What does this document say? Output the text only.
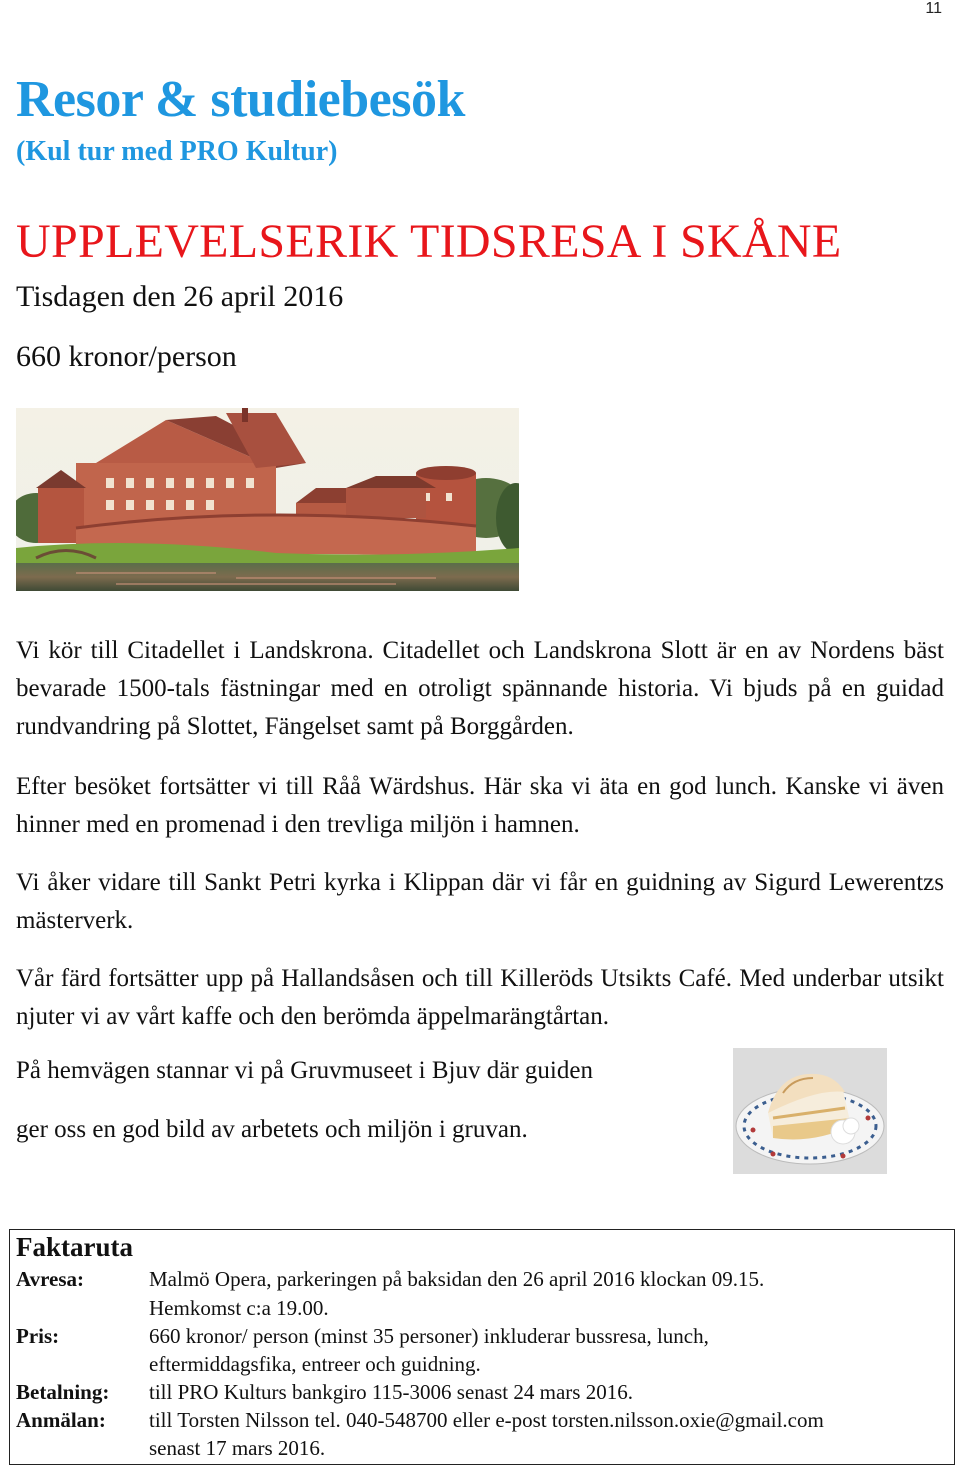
11
Resor & studiebesök
(Kul tur med PRO Kultur)
UPPLEVELSERIK TIDSRESA I SKÅNE
Tisdagen den 26 april 2016
660 kronor/person
Vi kör till Citadellet i Landskrona. Citadellet och Landskrona Slott är en av Nordens bäst bevarade 1500-tals fästningar med en otroligt spännande historia. Vi bjuds på en guidad rundvandring på Slottet, Fängelset samt på Borggården.
Efter besöket fortsätter vi till Råå Wärdshus. Här ska vi äta en god lunch. Kanske vi även hinner med en promenad i den trevliga miljön i hamnen.
Vi åker vidare till Sankt Petri kyrka i Klippan där vi får en guidning av Sigurd Lewerentzs mästerverk.
Vår färd fortsätter upp på Hallandsåsen och till Killeröds Utsikts Café. Med underbar utsikt njuter vi av vårt kaffe och den berömda äppelmarängtårtan.
På hemvägen stannar vi på Gruvmuseet i Bjuv där guiden
ger oss en god bild av arbetets och miljön i gruvan.
Faktaruta
Avresa:	Malmö Opera, parkeringen på baksidan den 26 april 2016 klockan 09.15.
Hemkomst c:a 19.00.
Pris:	660 kronor/ person (minst 35 personer) inkluderar bussresa, lunch,
eftermiddagsfika, entreer och guidning.
Betalning: till PRO Kulturs bankgiro 115-3006 senast 24 mars 2016.
Anmälan: till Torsten Nilsson tel. 040-548700 eller e-post torsten.nilsson.oxie@gmail.com
senast 17 mars 2016.
